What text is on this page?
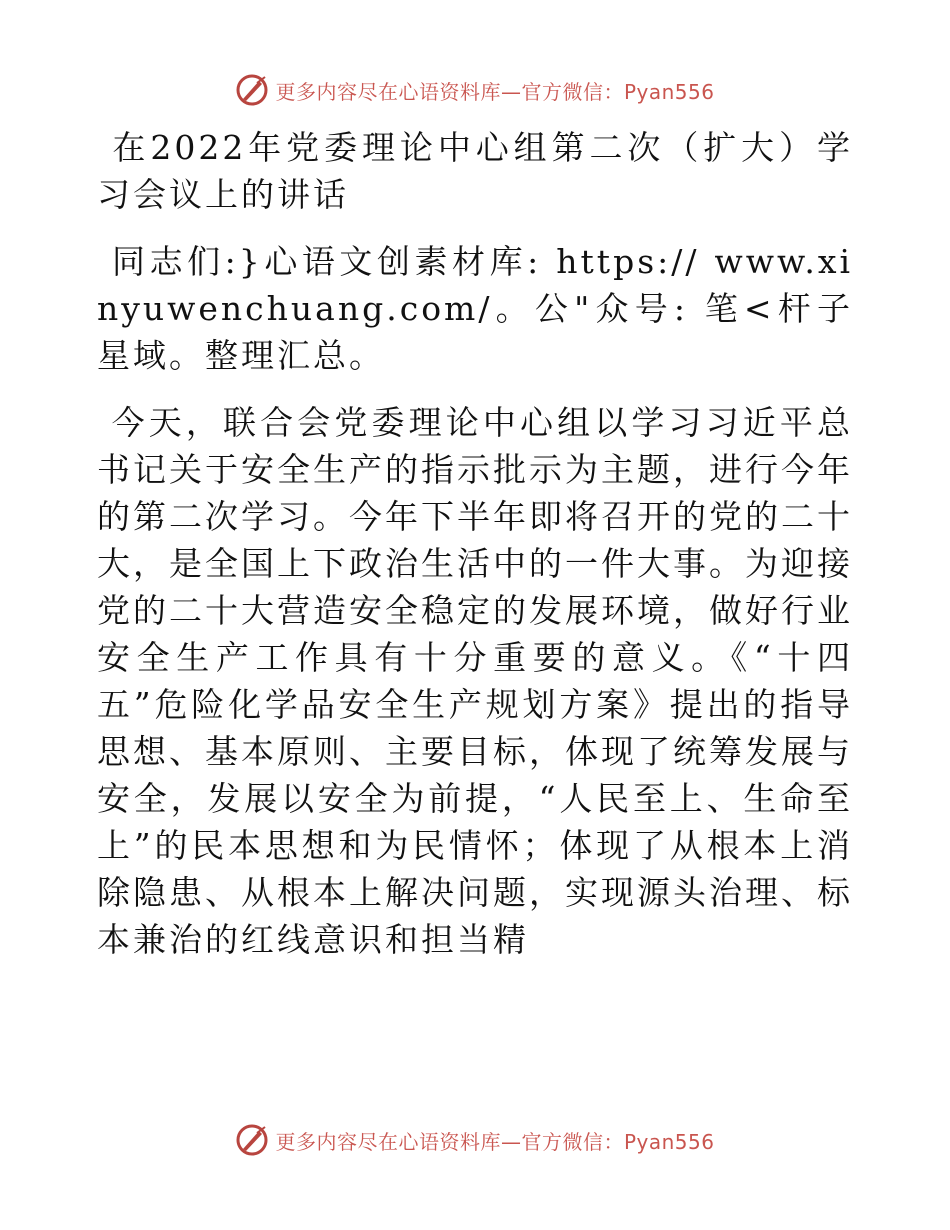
更多内容尽在心语资料库—官方微信：Pyan556

在2022年党委理论中心组第二次（扩大）学习会议上的讲话

同志们:}心语文创素材库: https:// www.xinyuwenchuang.com/。公"众号: 笔<杆子星域。整理汇总。

今天，联合会党委理论中心组以学习习近平总书记关于安全生产的指示批示为主题，进行今年的第二次学习。今年下半年即将召开的党的二十大，是全国上下政治生活中的一件大事。为迎接党的二十大营造安全稳定的发展环境，做好行业安全生产工作具有十分重要的意义。《“十四五”危险化学品安全生产规划方案》提出的指导思想、基本原则、主要目标，体现了统筹发展与安全，发展以安全为前提，“人民至上、生命至上”的民本思想和为民情怀；体现了从根本上消除隐患、从根本上解决问题，实现源头治理、标本兼治的红线意识和担当精

更多内容尽在心语资料库—官方微信：Pyan556
